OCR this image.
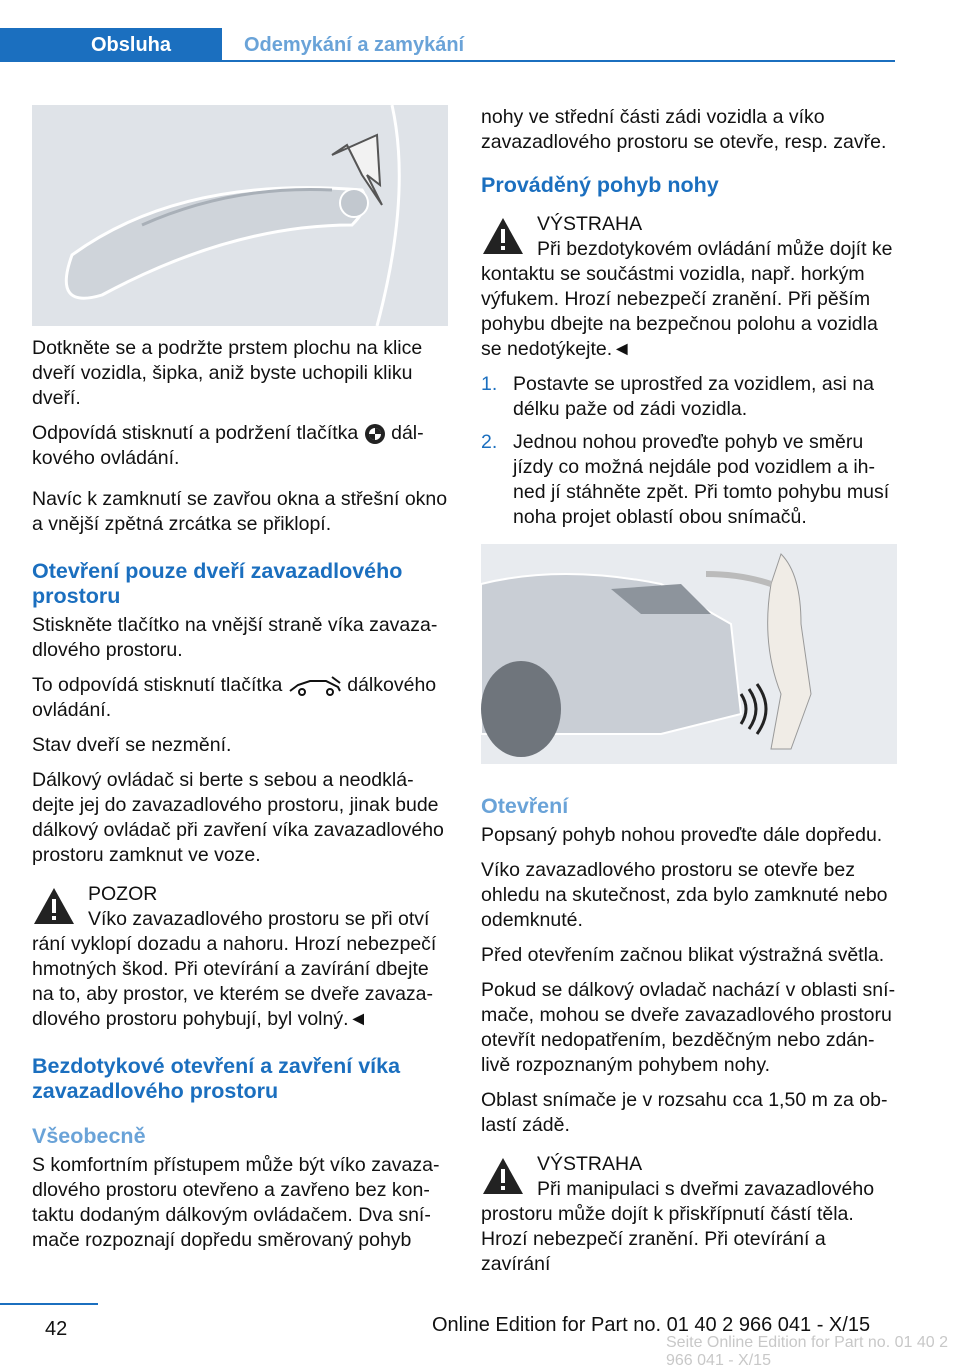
Obsluha	Odemykání a zamykání

Dotkněte se a podržte prstem plochu na klice dveří vozidla, šipka, aniž byste uchopili kliku dveří.

Odpovídá stisknutí a podržení tlačítka dálkového ovládání.

Navíc k zamknutí se zavřou okna a střešní okno a vnější zpětná zrcátka se přiklopí.

Otevření pouze dveří zavazadlového prostoru

Stiskněte tlačítko na vnější straně víka zavazadlového prostoru.

To odpovídá stisknutí tlačítka	dálkového ovládání.

Stav dveří se nezmění.

Dálkový ovládač si berte s sebou a neodkládejte jej do zavazadlového prostoru, jinak bude dálkový ovládač při zavření víka zavazadlového prostoru zamknut ve voze.

POZOR
Víko zavazadlového prostoru se při otví
rání vyklopí dozadu a nahoru. Hrozí nebezpečí hmotných škod. Při otevírání a zavírání dbejte na to, aby prostor, ve kterém se dveře zavazadlového prostoru pohybují, byl volný.◄
Bezdotykové otevření a zavření víka zavazadlového prostoru
Všeobecně

S komfortním přístupem může být víko zavazadlového prostoru otevřeno a zavřeno bez kontaktu dodaným dálkovým ovládačem. Dva snímače rozpoznají dopředu směrovaný pohyb

nohy ve střední části zádi vozidla a víko zavazadlového prostoru se otevře, resp. zavře.

Prováděný pohyb nohy
VÝSTRAHA
Při bezdotykovém ovládání může dojít ke
kontaktu se součástmi vozidla, např. horkým výfukem. Hrozí nebezpečí zranění. Při pěším pohybu dbejte na bezpečnou polohu a vozidla se nedotýkejte.◄
1. Postavte se uprostřed za vozidlem, asi na délku paže od zádi vozidla.
2. Jednou nohou proveďte pohyb ve směru jízdy co možná nejdále pod vozidlem a ihned jí stáhněte zpět. Při tomto pohybu musí noha projet oblastí obou snímačů.
Otevření

Popsaný pohyb nohou proveďte dále dopředu.

Víko zavazadlového prostoru se otevře bez ohledu na skutečnost, zda bylo zamknuté nebo odemknuté.

Před otevřením začnou blikat výstražná světla.

Pokud se dálkový ovladač nachází v oblasti snímače, mohou se dveře zavazadlového prostoru otevřít nedopatřením, bezděčným nebo zdánlivě rozpoznaným pohybem nohy.

Oblast snímače je v rozsahu cca 1,50 m za oblastí zádě.

VÝSTRAHA
Při manipulaci s dveřmi zavazadlového
prostoru může dojít k přiskřípnutí částí těla. Hrozí nebezpečí zranění. Při otevírání a zavírání
42	Online Edition for Part no. 01 40 2 966 041 - X/15
Seite Online Edition for Part no. 01 40 2 966 041 - X/15
